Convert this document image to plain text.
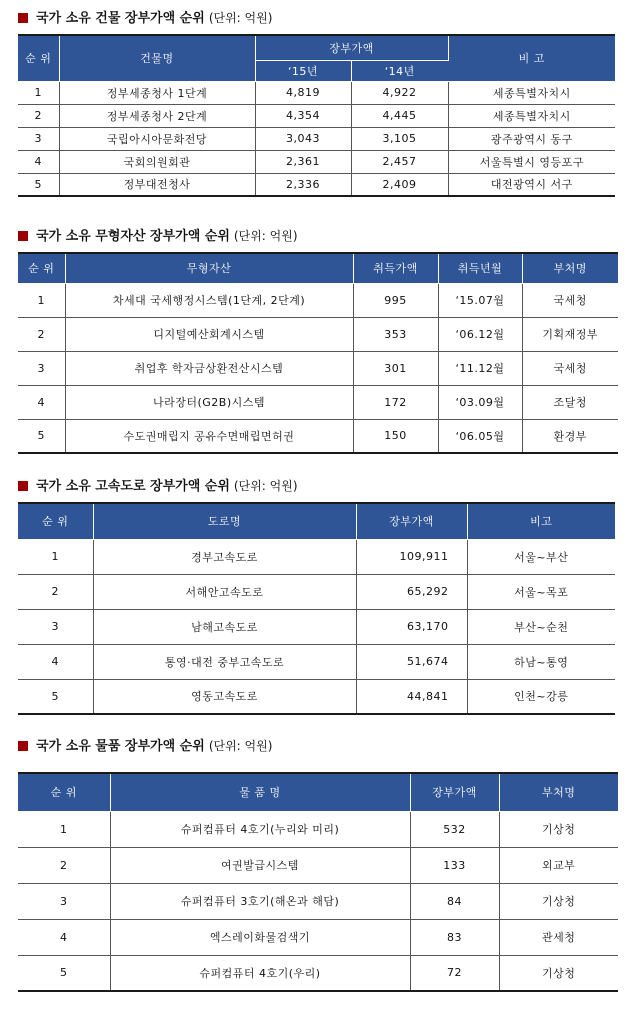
국가 소유 건물 장부가액 순위 (단위: 억원)
순 위	건물명	장부가액		비 고
		‘15년	‘14년	
1	정부세종청사 1단계	4,819	4,922	세종특별자치시
2	정부세종청사 2단계	4,354	4,445	세종특별자치시
3	국립아시아문화전당	3,043	3,105	광주광역시 동구
4	국회의원회관	2,361	2,457	서울특별시 영등포구
5	정부대전청사	2,336	2,409	대전광역시 서구
국가 소유 무형자산 장부가액 순위 (단위: 억원)
순 위	무형자산	취득가액	취득년월	부처명
1	차세대 국세행정시스템(1단계, 2단계)	995	‘15.07월	국세청
2	디지털예산회계시스템	353	‘06.12월	기획재정부
3	취업후 학자금상환전산시스템	301	‘11.12월	국세청
4	나라장터(G2B)시스템	172	‘03.09월	조달청
5	수도권매립지 공유수면매립면허권	150	‘06.05월	환경부
국가 소유 고속도로 장부가액 순위 (단위: 억원)
순 위	도로명	장부가액	비고
1	경부고속도로	109,911	서울~부산
2	서해안고속도로	65,292	서울~목포
3	남해고속도로	63,170	부산~순천
4	통영·대전 중부고속도로	51,674	하남~통영
5	영동고속도로	44,841	인천~강릉
국가 소유 물품 장부가액 순위 (단위: 억원)
순 위	물 품 명	장부가액	부처명
1	슈퍼컴퓨터 4호기(누리와 미리)	532	기상청
2	여권발급시스템	133	외교부
3	슈퍼컴퓨터 3호기(해온과 해담)	84	기상청
4	엑스레이화물검색기	83	관세청
5	슈퍼컴퓨터 4호기(우리)	72	기상청
